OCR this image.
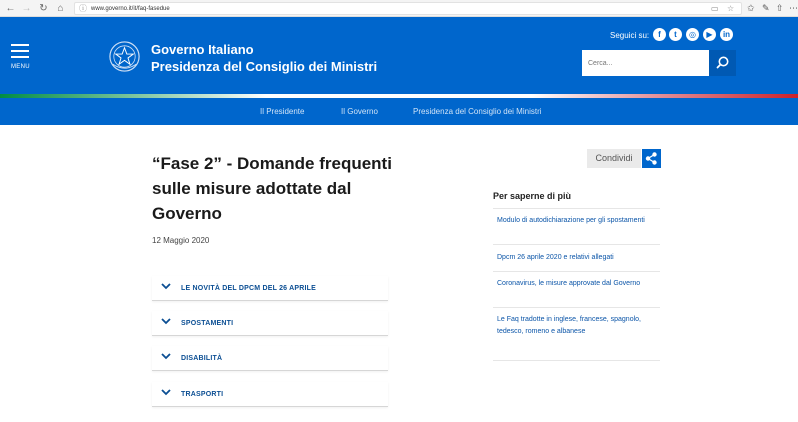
← → ↻ ⌂	ⓘ www.governo.it/it/faq-fasedue	▭ ☆ ✩ ✎ ⇧ ⋯
MENU
Governo Italiano
Presidenza del Consiglio dei Ministri
Seguici su:	f	t	◎	▶	in
Cerca...
Il Presidente	Il Governo	Presidenza del Consiglio dei Ministri
“Fase 2” - Domande frequenti sulle misure adottate dal Governo
12 Maggio 2020
LE NOVITÀ DEL DPCM DEL 26 APRILE
SPOSTAMENTI
DISABILITÀ
TRASPORTI
Condividi
Per saperne di più
Modulo di autodichiarazione per gli spostamenti
Dpcm 26 aprile 2020 e relativi allegati
Coronavirus, le misure approvate dal Governo
Le Faq tradotte in inglese, francese, spagnolo, tedesco, romeno e albanese
